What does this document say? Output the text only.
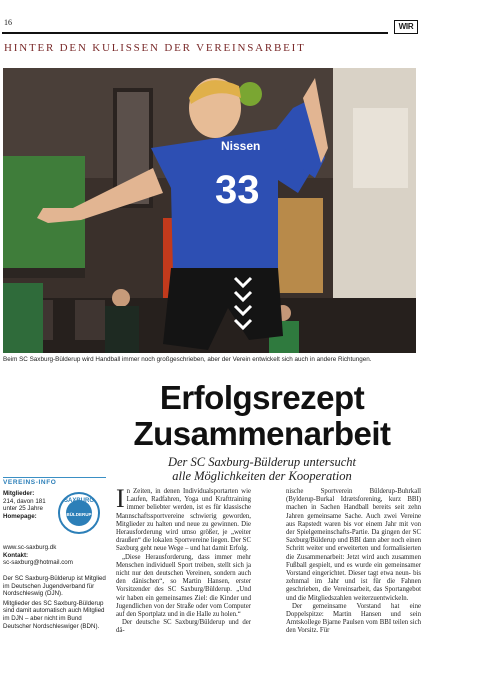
16	WIR
HINTER DEN KULISSEN DER VEREINSARBEIT
Nissen
33
Beim SC Saxburg-Bülderup wird Handball immer noch großgeschrieben, aber der Verein entwickelt sich auch in andere Richtungen.
Erfolgsrezept
Zusammenarbeit
Der SC Saxburg-Bülderup untersucht
alle Möglichkeiten der Kooperation
VEREINS-INFO
Mitglieder:
214, davon 181 unter 25 Jahre
Homepage:
SAXBURG
BÜLDERUP
www.sc-saxburg.dk
Kontakt:
sc-saxburg@hotmail.com

Der SC Saxburg-Bülderup ist Mitglied im Deutschen Jugendverband für Nordschleswig (DJN).

Mitglieder des SC Saxburg-Bülderup sind damit automatisch auch Mitglied im DJN – aber nicht im Bund Deutscher Nordschleswiger (BDN).

In Zeiten, in denen Individualsportarten wie Laufen, Radfahren, Yoga und Krafttraining immer beliebter werden, ist es für klassische Mannschaftssportvereine schwierig geworden, Mitglieder zu halten und neue zu gewinnen. Die Herausforderung wird umso größer, je „weiter draußen“ die lokalen Sportvereine liegen. Der SC Saxburg geht neue Wege – und hat damit Erfolg.

„Diese Herausforderung, dass immer mehr Menschen individuell Sport treiben, stellt sich ja nicht nur den deutschen Vereinen, sondern auch den dänischen“, so Martin Hansen, erster Vorsitzender des SC Saxburg/Bülderup. „Und wir haben ein gemeinsames Ziel: die Kinder und Jugendlichen von der Straße oder vom Computer auf den Sportplatz und in die Halle zu holen.“

Der deutsche SC Saxburg/Bülderup und der dä-

nische Sportverein Bülderup-Buhrkall (Bylderup-Burkal Idrætsforening, kurz BBI) machen in Sachen Handball bereits seit zehn Jahren gemeinsame Sache. Auch zwei Vereine aus Rapstedt waren bis vor einem Jahr mit von der Spielgemeinschafts-Partie. Da gingen der SC Saxburg/Bülderup und BBI dann aber noch einen Schritt weiter und erweiterten und formalisierten die Zusammenarbeit: Jetzt wird auch zusammen Fußball gespielt, und es wurde ein gemeinsamer Vorstand eingerichtet. Dieser tagt etwa neun- bis zehnmal im Jahr und ist für die Fahnen geschrieben, die Vereinsarbeit, das Sportangebot und die Mitgliedszahlen weiterzuentwickeln.

Der gemeinsame Vorstand hat eine Doppelspitze: Martin Hansen und sein Amtskollege Bjarne Paulsen vom BBI teilen sich den Vorsitz. Für
